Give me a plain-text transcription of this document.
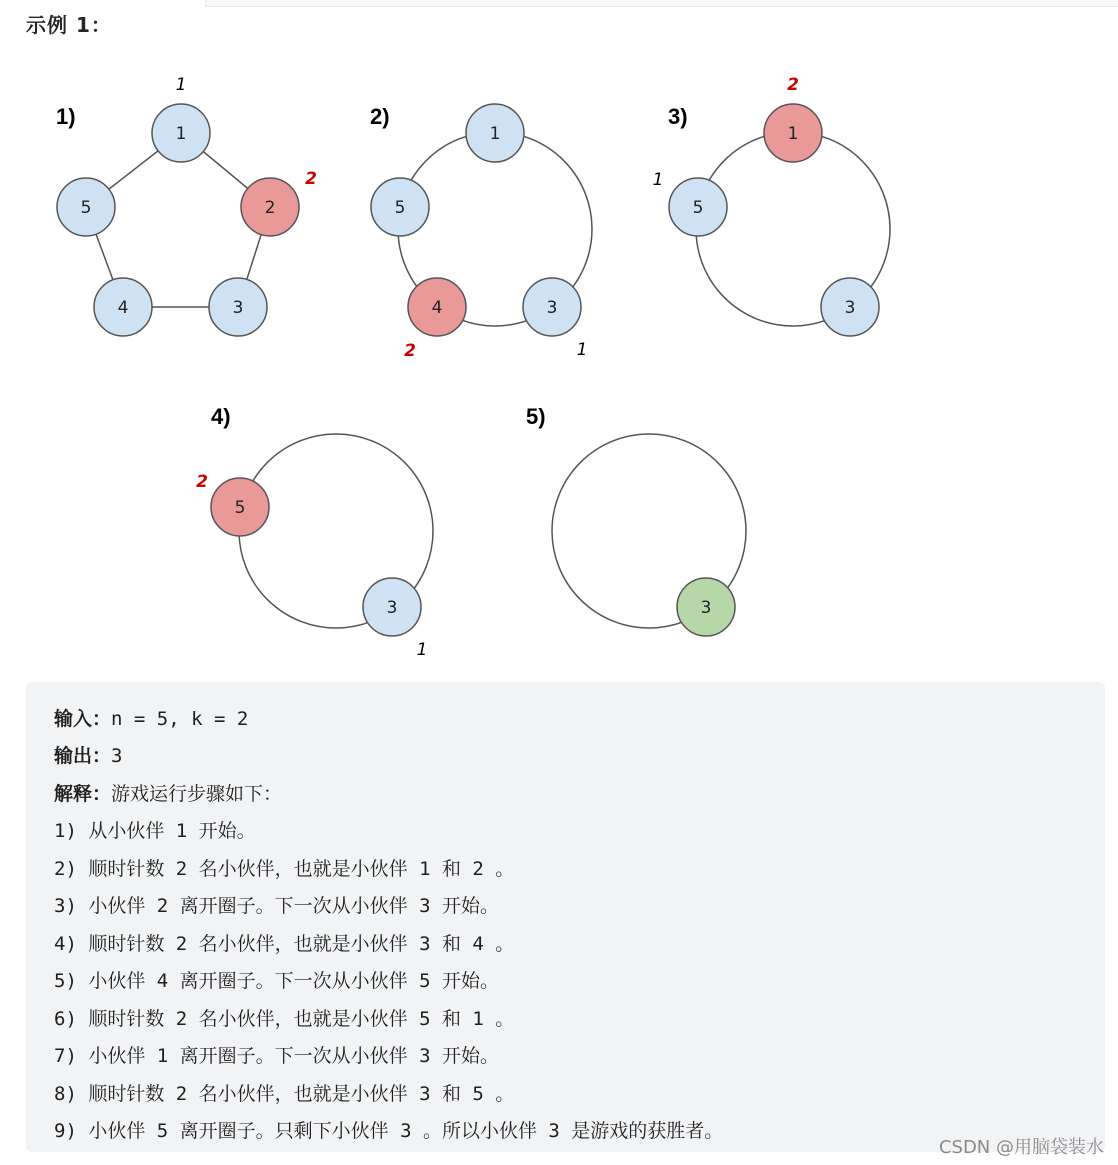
示例 1：
1)
1
2
3
4
5
1
2
2)
1
3
4
5
1
2
3)
1
3
5
1
2
4)
3
5
1
2
5)
3

输入：n = 5, k = 2

输出：3

解释：游戏运行步骤如下：

1) 从小伙伴 1 开始。

2) 顺时针数 2 名小伙伴，也就是小伙伴 1 和 2 。

3) 小伙伴 2 离开圈子。下一次从小伙伴 3 开始。

4) 顺时针数 2 名小伙伴，也就是小伙伴 3 和 4 。

5) 小伙伴 4 离开圈子。下一次从小伙伴 5 开始。

6) 顺时针数 2 名小伙伴，也就是小伙伴 5 和 1 。

7) 小伙伴 1 离开圈子。下一次从小伙伴 3 开始。

8) 顺时针数 2 名小伙伴，也就是小伙伴 3 和 5 。

9) 小伙伴 5 离开圈子。只剩下小伙伴 3 。所以小伙伴 3 是游戏的获胜者。

CSDN @用脑袋装水
